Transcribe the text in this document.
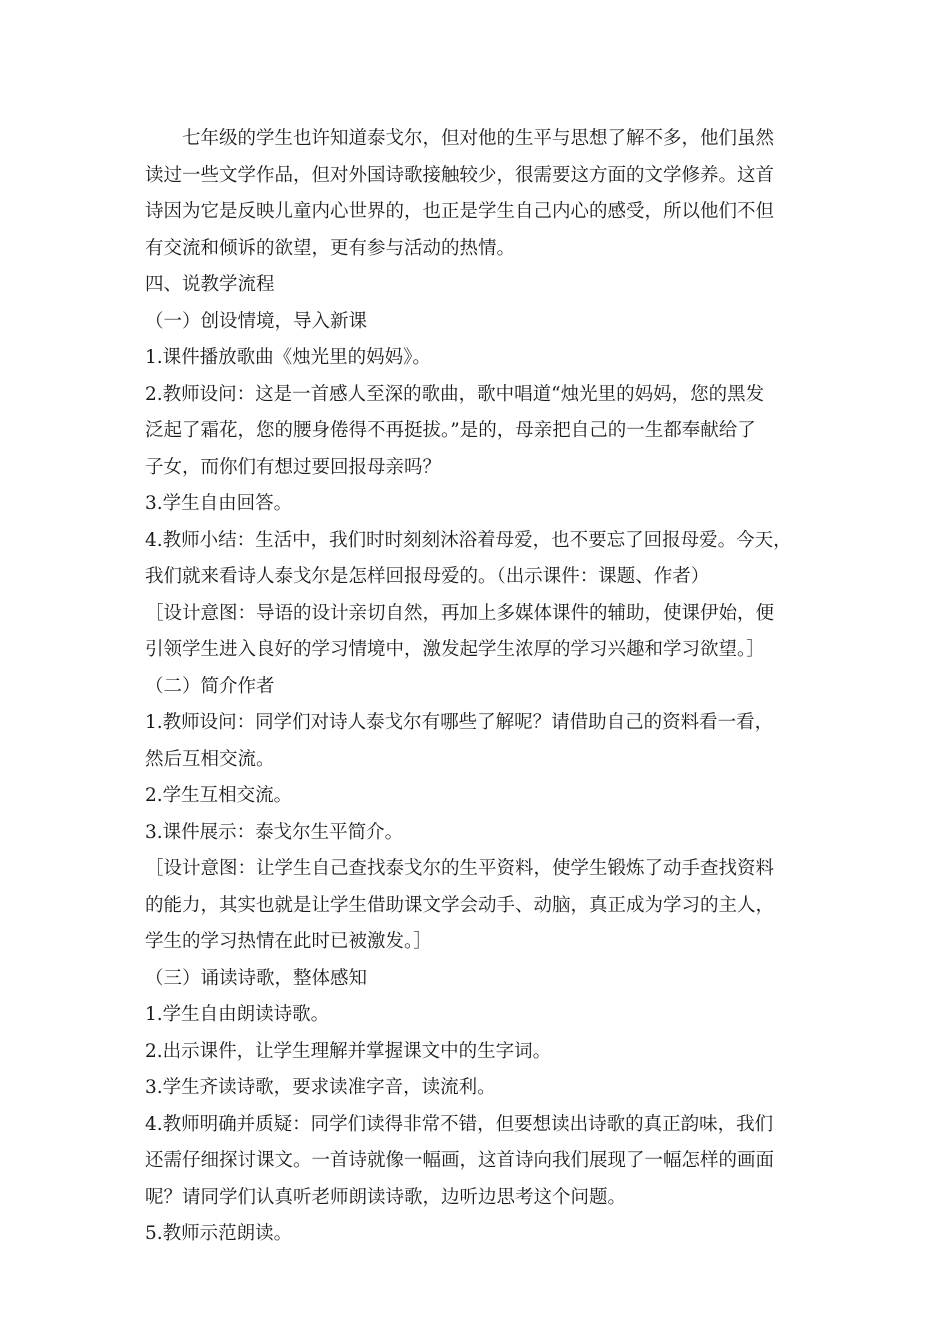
七年级的学生也许知道泰戈尔，但对他的生平与思想了解不多，他们虽然
读过一些文学作品，但对外国诗歌接触较少，很需要这方面的文学修养。这首
诗因为它是反映儿童内心世界的，也正是学生自己内心的感受，所以他们不但
有交流和倾诉的欲望，更有参与活动的热情。
四、说教学流程
（一）创设情境，导入新课
1.课件播放歌曲《烛光里的妈妈》。
2.教师设问：这是一首感人至深的歌曲，歌中唱道“烛光里的妈妈，您的黑发
泛起了霜花，您的腰身倦得不再挺拔。”是的，母亲把自己的一生都奉献给了
子女，而你们有想过要回报母亲吗？
3.学生自由回答。
4.教师小结：生活中，我们时时刻刻沐浴着母爱，也不要忘了回报母爱。今天，
我们就来看诗人泰戈尔是怎样回报母爱的。（出示课件：课题、作者）
［设计意图：导语的设计亲切自然，再加上多媒体课件的辅助，使课伊始，便
引领学生进入良好的学习情境中，激发起学生浓厚的学习兴趣和学习欲望。］
（二）简介作者
1.教师设问：同学们对诗人泰戈尔有哪些了解呢？请借助自己的资料看一看，
然后互相交流。
2.学生互相交流。
3.课件展示：泰戈尔生平简介。
［设计意图：让学生自己查找泰戈尔的生平资料，使学生锻炼了动手查找资料
的能力，其实也就是让学生借助课文学会动手、动脑，真正成为学习的主人，
学生的学习热情在此时已被激发。］
（三）诵读诗歌，整体感知
1.学生自由朗读诗歌。
2.出示课件，让学生理解并掌握课文中的生字词。
3.学生齐读诗歌，要求读准字音，读流利。
4.教师明确并质疑：同学们读得非常不错，但要想读出诗歌的真正韵味，我们
还需仔细探讨课文。一首诗就像一幅画，这首诗向我们展现了一幅怎样的画面
呢？请同学们认真听老师朗读诗歌，边听边思考这个问题。
5.教师示范朗读。
